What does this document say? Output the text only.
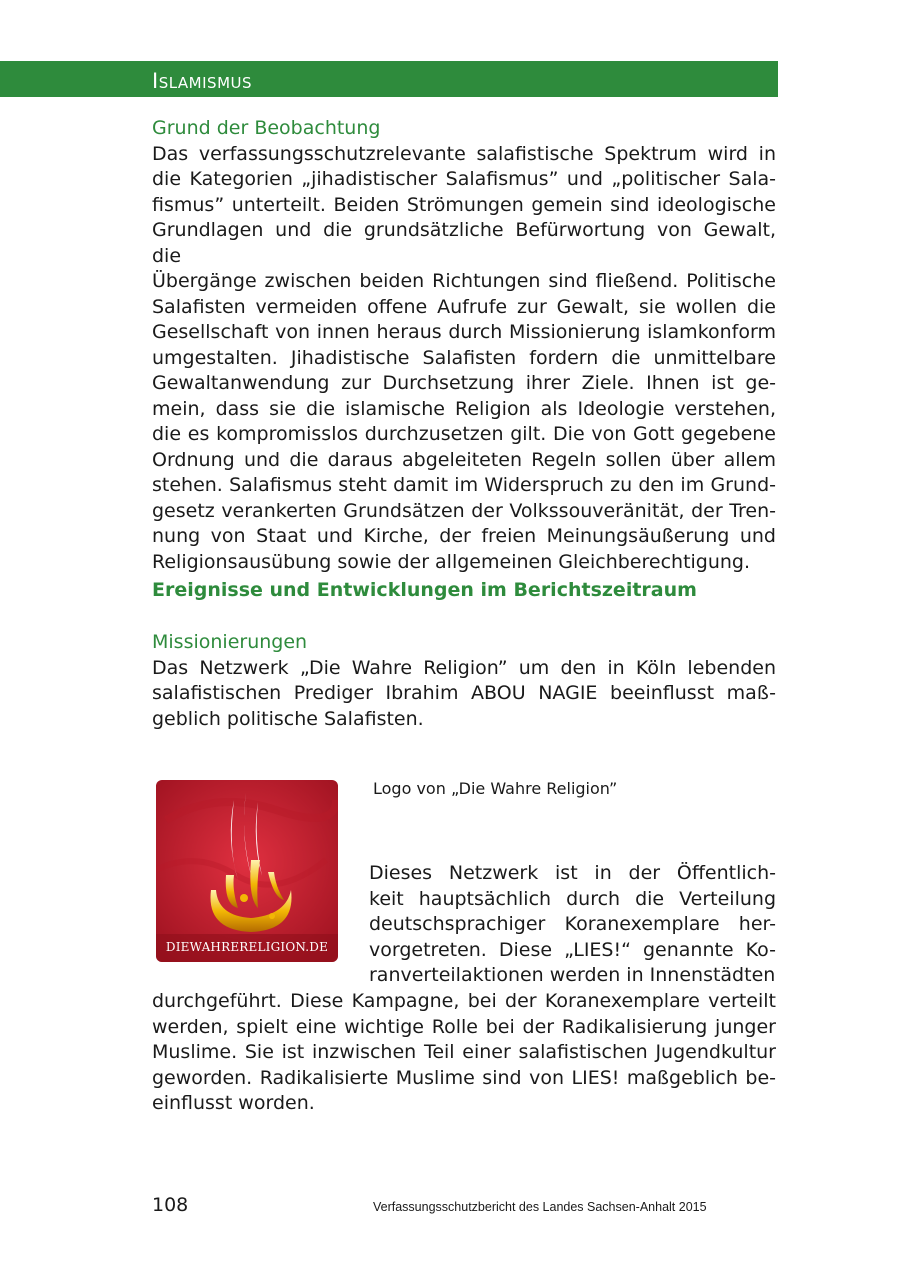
Islamismus
Grund der Beobachtung
Das verfassungsschutzrelevante salafistische Spektrum wird in
die Kategorien „jihadistischer Salafismus” und „politischer Sala-
fismus” unterteilt. Beiden Strömungen gemein sind ideologische
Grundlagen und die grundsätzliche Befürwortung von Gewalt, die
Übergänge zwischen beiden Richtungen sind fließend. Politische
Salafisten vermeiden offene Aufrufe zur Gewalt, sie wollen die
Gesellschaft von innen heraus durch Missionierung islamkonform
umgestalten. Jihadistische Salafisten fordern die unmittelbare
Gewaltanwendung zur Durchsetzung ihrer Ziele. Ihnen ist ge-
mein, dass sie die islamische Religion als Ideologie verstehen,
die es kompromisslos durchzusetzen gilt. Die von Gott gegebene
Ordnung und die daraus abgeleiteten Regeln sollen über allem
stehen. Salafismus steht damit im Widerspruch zu den im Grund-
gesetz verankerten Grundsätzen der Volkssouveränität, der Tren-
nung von Staat und Kirche, der freien Meinungsäußerung und
Religionsausübung sowie der allgemeinen Gleichberechtigung.
Ereignisse und Entwicklungen im Berichtszeitraum
Missionierungen
Das Netzwerk „Die Wahre Religion” um den in Köln lebenden
salafistischen Prediger Ibrahim ABOU NAGIE beeinflusst maß-
geblich politische Salafisten.
DIEWAHRERELIGION.DE
Logo von „Die Wahre Religion”
Dieses Netzwerk ist in der Öffentlich-
keit hauptsächlich durch die Verteilung
deutschsprachiger Koranexemplare her-
vorgetreten. Diese „LIES!“ genannte Ko-
ranverteilaktionen werden in Innenstädten
durchgeführt. Diese Kampagne, bei der Koranexemplare verteilt
werden, spielt eine wichtige Rolle bei der Radikalisierung junger
Muslime. Sie ist inzwischen Teil einer salafistischen Jugendkultur
geworden. Radikalisierte Muslime sind von LIES! maßgeblich be-
einflusst worden.
108	Verfassungsschutzbericht des Landes Sachsen-Anhalt 2015
